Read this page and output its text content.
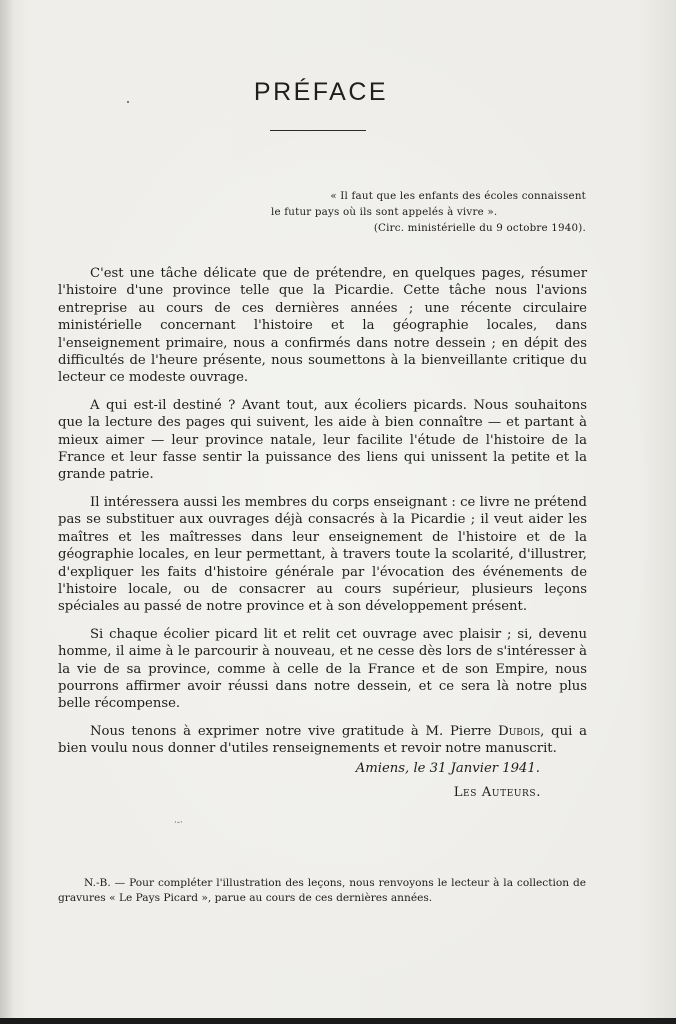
PRÉFACE
« Il faut que les enfants des écoles connaissent
le futur pays où ils sont appelés à vivre ».
(Circ. ministérielle du 9 octobre 1940).

C'est une tâche délicate que de prétendre, en quelques pages, résumer l'histoire d'une province telle que la Picardie. Cette tâche nous l'avions entreprise au cours de ces dernières années ; une récente circulaire ministérielle concernant l'histoire et la géographie locales, dans l'enseignement primaire, nous a confirmés dans notre dessein ; en dépit des difficultés de l'heure présente, nous soumettons à la bienveillante critique du lecteur ce modeste ouvrage.

A qui est-il destiné ? Avant tout, aux écoliers picards. Nous souhaitons que la lecture des pages qui suivent, les aide à bien connaître — et partant à mieux aimer — leur province natale, leur facilite l'étude de l'histoire de la France et leur fasse sentir la puissance des liens qui unissent la petite et la grande patrie.

Il intéressera aussi les membres du corps enseignant : ce livre ne prétend pas se substituer aux ouvrages déjà consacrés à la Picardie ; il veut aider les maîtres et les maîtresses dans leur enseignement de l'histoire et de la géographie locales, en leur permettant, à travers toute la scolarité, d'illustrer, d'expliquer les faits d'histoire générale par l'évocation des événements de l'histoire locale, ou de consacrer au cours supérieur, plusieurs leçons spéciales au passé de notre province et à son développement présent.

Si chaque écolier picard lit et relit cet ouvrage avec plaisir ; si, devenu homme, il aime à le parcourir à nouveau, et ne cesse dès lors de s'intéresser à la vie de sa province, comme à celle de la France et de son Empire, nous pourrons affirmer avoir réussi dans notre dessein, et ce sera là notre plus belle récompense.

Nous tenons à exprimer notre vive gratitude à M. Pierre Dubois, qui a bien voulu nous donner d'utiles renseignements et revoir notre manuscrit.

Amiens, le 31 Janvier 1941.
Les Auteurs.
·-·
N.-B. — Pour compléter l'illustration des leçons, nous renvoyons le lecteur à la collection de gravures « Le Pays Picard », parue au cours de ces dernières années.
